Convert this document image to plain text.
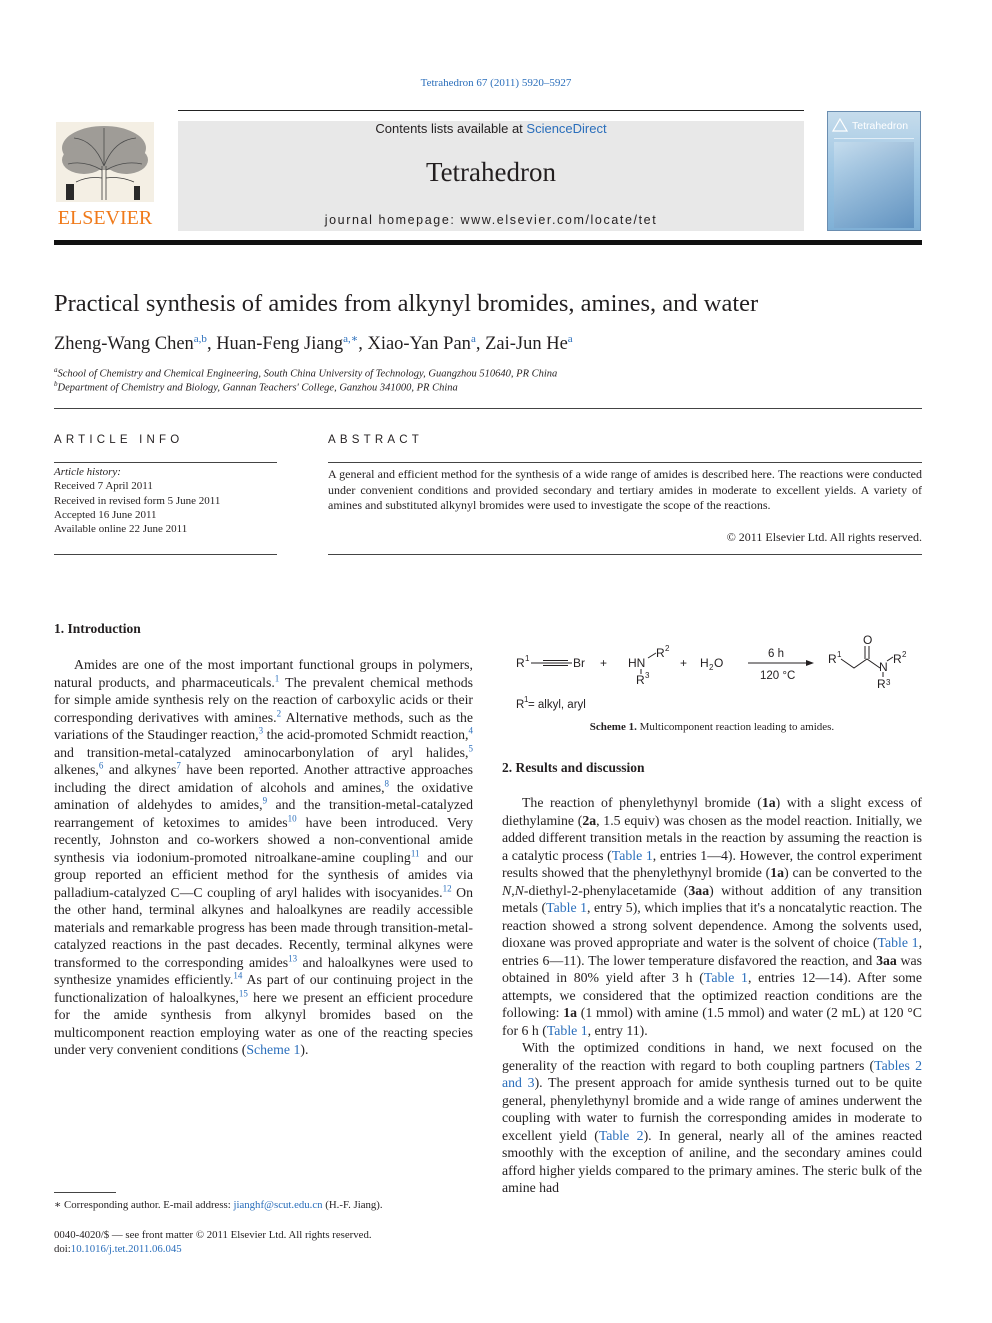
Tetrahedron 67 (2011) 5920–5927
ELSEVIER
Contents lists available at ScienceDirect
Tetrahedron
journal homepage: www.elsevier.com/locate/tet
Tetrahedron
Practical synthesis of amides from alkynyl bromides, amines, and water
Zheng-Wang Chen$^{a,b}$, Huan-Feng Jiang$^{a,∗}$, Xiao-Yan Pan$^a$, Zai-Jun He$^a$
$^a$School of Chemistry and Chemical Engineering, South China University of Technology, Guangzhou 510640, PR China
$^b$Department of Chemistry and Biology, Gannan Teachers' College, Ganzhou 341000, PR China
ARTICLE INFO	ABSTRACT
Article history:
Received 7 April 2011
Received in revised form 5 June 2011
Accepted 16 June 2011
Available online 22 June 2011
A general and efficient method for the synthesis of a wide range of amides is described here. The reactions were conducted under convenient conditions and provided secondary and tertiary amides in moderate to excellent yields. A variety of amines and substituted alkynyl bromides were used to investigate the scope of the reactions.
© 2011 Elsevier Ltd. All rights reserved.
1. Introduction

Amides are one of the most important functional groups in polymers, natural products, and pharmaceuticals.$^1$ The prevalent chemical methods for simple amide synthesis rely on the reaction of carboxylic acids or their corresponding derivatives with amines.$^2$ Alternative methods, such as the variations of the Staudinger reaction,$^3$ the acid-promoted Schmidt reaction,$^4$ and transition-metal-catalyzed aminocarbonylation of aryl halides,$^5$ alkenes,$^6$ and alkynes$^7$ have been reported. Another attractive approaches including the direct amidation of alcohols and amines,$^8$ the oxidative amination of aldehydes to amides,$^9$ and the transition-metal-catalyzed rearrangement of ketoximes to amides$^{10}$ have been introduced. Very recently, Johnston and co-workers showed a non-conventional amide synthesis via iodonium-promoted nitroalkane-amine coupling$^{11}$ and our group reported an efficient method for the synthesis of amides via palladium-catalyzed C—C coupling of aryl halides with isocyanides.$^{12}$ On the other hand, terminal alkynes and haloalkynes are readily accessible materials and remarkable progress has been made through transition-metal-catalyzed reactions in the past decades. Recently, terminal alkynes were transformed to the corresponding amides$^{13}$ and haloalkynes were used to synthesize ynamides efficiently.$^{14}$ As part of our continuing project in the functionalization of haloalkynes,$^{15}$ here we present an efficient procedure for the amide synthesis from alkynyl bromides based on the multicomponent reaction employing water as one of the reacting species under very convenient conditions (Scheme 1).

R 1	Br + HN
R 2
R 3
+ H 2 O
6 h
120 °C
R 1
O
N
R 2
R 3
R 1 = alkyl, aryl
Scheme 1. Multicomponent reaction leading to amides.
2. Results and discussion

The reaction of phenylethynyl bromide (1a) with a slight excess of diethylamine (2a, 1.5 equiv) was chosen as the model reaction. Initially, we added different transition metals in the reaction by assuming the reaction is a catalytic process (Table 1, entries 1—4). However, the control experiment results showed that the phenylethynyl bromide (1a) can be converted to the N,N-diethyl-2-phenylacetamide (3aa) without addition of any transition metals (Table 1, entry 5), which implies that it's a noncatalytic reaction. The reaction showed a strong solvent dependence. Among the solvents used, dioxane was proved appropriate and water is the solvent of choice (Table 1, entries 6—11). The lower temperature disfavored the reaction, and 3aa was obtained in 80% yield after 3 h (Table 1, entries 12—14). After some attempts, we considered that the optimized reaction conditions are the following: 1a (1 mmol) with amine (1.5 mmol) and water (2 mL) at 120 °C for 6 h (Table 1, entry 11).

With the optimized conditions in hand, we next focused on the generality of the reaction with regard to both coupling partners (Tables 2 and 3). The present approach for amide synthesis turned out to be quite general, phenylethynyl bromide and a wide range of amines underwent the coupling with water to furnish the corresponding amides in moderate to excellent yield (Table 2). In general, nearly all of the amines reacted smoothly with the exception of aniline, and the secondary amines could afford higher yields compared to the primary amines. The steric bulk of the amine had

∗ Corresponding author. E-mail address: jianghf@scut.edu.cn (H.-F. Jiang).
0040-4020/$ — see front matter © 2011 Elsevier Ltd. All rights reserved.
doi:10.1016/j.tet.2011.06.045
